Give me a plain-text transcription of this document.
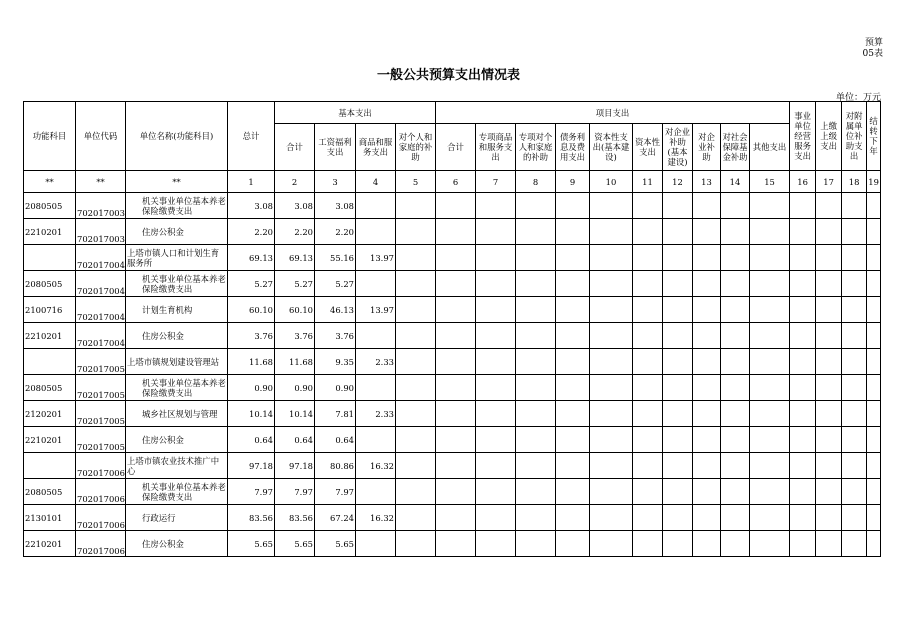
预算
05表
一般公共预算支出情况表
单位：万元
功能科目	单位代码	单位名称(功能科目)	总计	基本支出				项目支出										事业单位经营服务支出	上缴上级支出	对附属单位补助支出	结转下年
				合计	工资福利支出	商品和服务支出	对个人和家庭的补助	合计	专项商品和服务支出	专项对个人和家庭的补助	债务利息及费用支出	资本性支出(基本建设)	资本性支出	对企业补助(基本建设)	对企业补助	对社会保障基金补助	其他支出				
**	**	**	1	2	3	4	5	6	7	8	9	10	11	12	13	14	15	16	17	18	19
2080505	702017003	机关事业单位基本养老保险缴费支出	3.08	3.08	3.08																
2210201	702017003	住房公积金	2.20	2.20	2.20																
	702017004	上塔市镇人口和计划生育服务所	69.13	69.13	55.16	13.97															
2080505	702017004	机关事业单位基本养老保险缴费支出	5.27	5.27	5.27																
2100716	702017004	计划生育机构	60.10	60.10	46.13	13.97															
2210201	702017004	住房公积金	3.76	3.76	3.76																
	702017005	上塔市镇规划建设管理站	11.68	11.68	9.35	2.33															
2080505	702017005	机关事业单位基本养老保险缴费支出	0.90	0.90	0.90																
2120201	702017005	城乡社区规划与管理	10.14	10.14	7.81	2.33															
2210201	702017005	住房公积金	0.64	0.64	0.64																
	702017006	上塔市镇农业技术推广中心	97.18	97.18	80.86	16.32															
2080505	702017006	机关事业单位基本养老保险缴费支出	7.97	7.97	7.97																
2130101	702017006	行政运行	83.56	83.56	67.24	16.32															
2210201	702017006	住房公积金	5.65	5.65	5.65																
